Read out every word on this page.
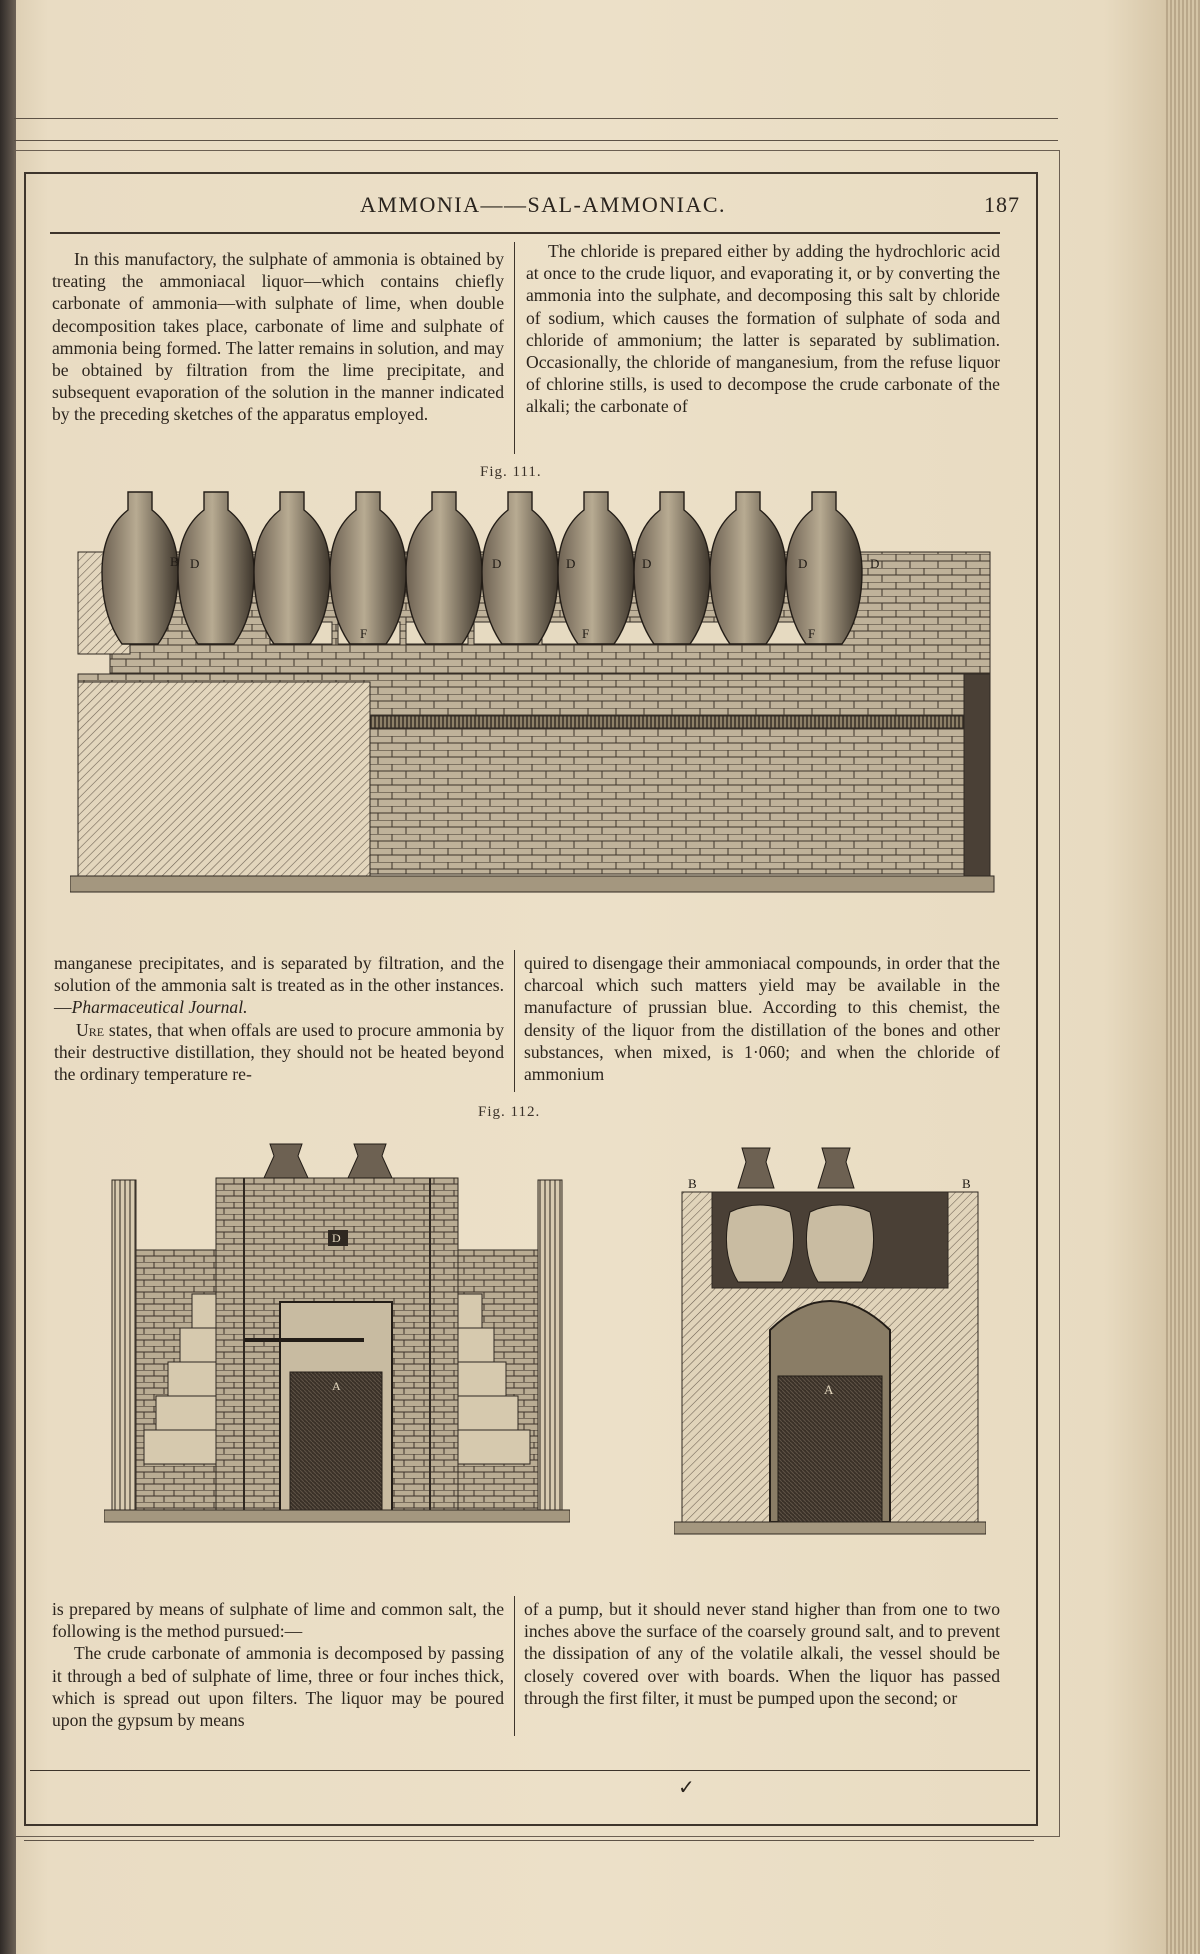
AMMONIA——SAL-AMMONIAC.	187

In this manufactory, the sulphate of ammonia is obtained by treating the ammoniacal liquor—which contains chiefly carbonate of ammonia—with sulphate of lime, when double decomposition takes place, carbonate of lime and sulphate of ammonia being formed. The latter remains in solution, and may be obtained by filtration from the lime precipitate, and subsequent evaporation of the solution in the manner indicated by the preceding sketches of the apparatus employed.

The chloride is prepared either by adding the hydrochloric acid at once to the crude liquor, and evaporating it, or by converting the ammonia into the sulphate, and decomposing this salt by chloride of sodium, which causes the formation of sulphate of soda and chloride of ammonium; the latter is separated by sublimation. Occasionally, the chloride of manganesium, from the refuse liquor of chlorine stills, is used to decompose the crude carbonate of the alkali; the carbonate of

Fig. 111.
D
B	D	D	D	D	D
F	F	F

manganese precipitates, and is separated by filtration, and the solution of the ammonia salt is treated as in the other instances.—Pharmaceutical Journal.

Ure states, that when offals are used to procure ammonia by their destructive distillation, they should not be heated beyond the ordinary temperature re-

quired to disengage their ammoniacal compounds, in order that the charcoal which such matters yield may be available in the manufacture of prussian blue. According to this chemist, the density of the liquor from the distillation of the bones and other substances, when mixed, is 1·060; and when the chloride of ammonium

Fig. 112.
D
A
B	B
A

is prepared by means of sulphate of lime and common salt, the following is the method pursued:—

The crude carbonate of ammonia is decomposed by passing it through a bed of sulphate of lime, three or four inches thick, which is spread out upon filters. The liquor may be poured upon the gypsum by means

of a pump, but it should never stand higher than from one to two inches above the surface of the coarsely ground salt, and to prevent the dissipation of any of the volatile alkali, the vessel should be closely covered over with boards. When the liquor has passed through the first filter, it must be pumped upon the second; or

✓
